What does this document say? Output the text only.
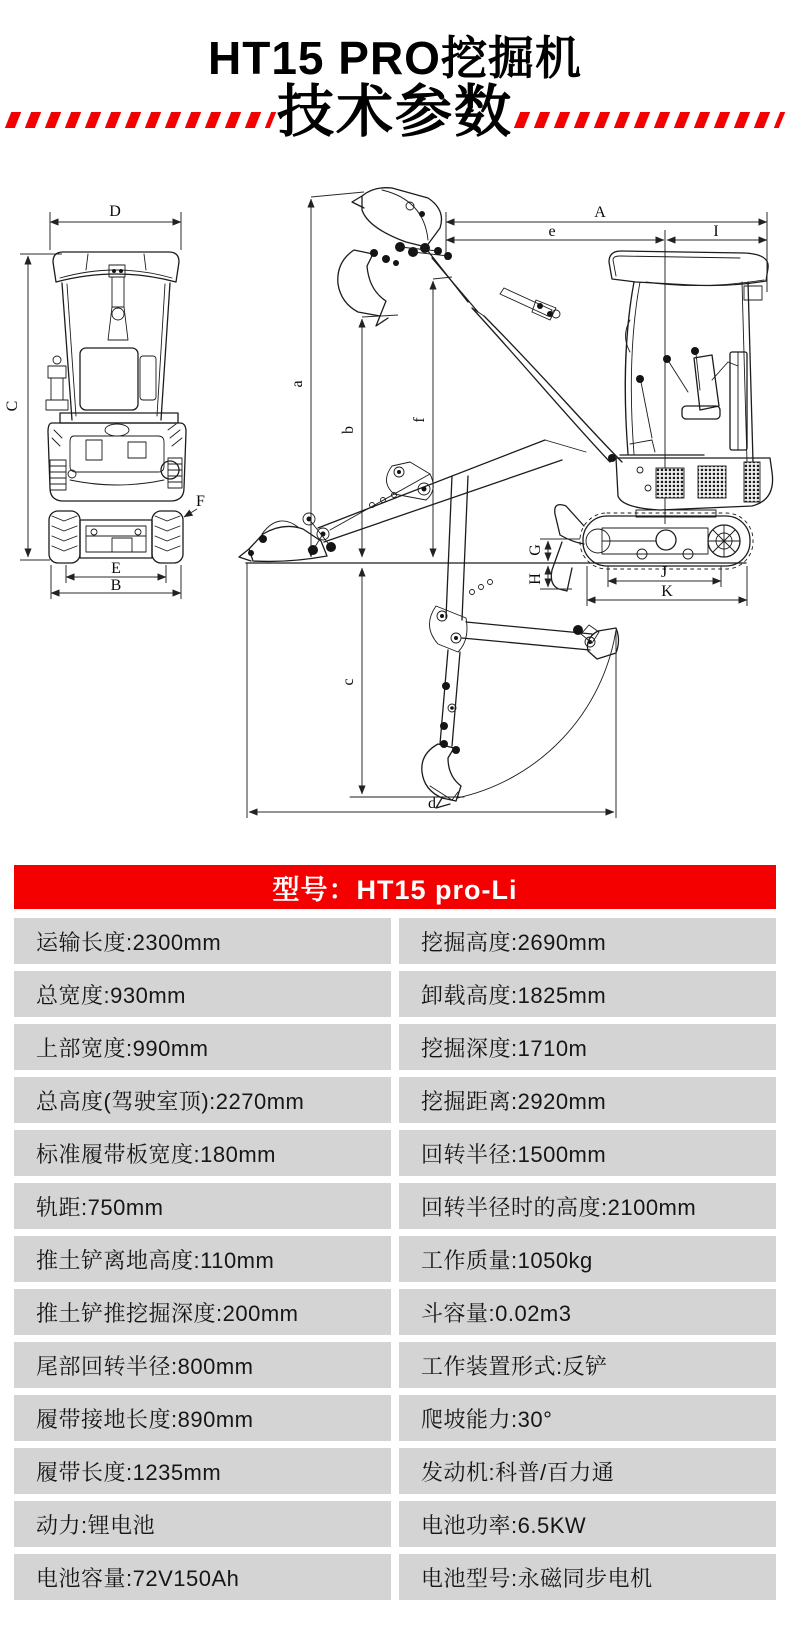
HT15 PRO挖掘机
技术参数
D
C
F
E
B
A
e	I
a
b
f
G
H	J
K
c
d
型号：HT15 pro-Li
运输长度:2300mm	挖掘高度:2690mm
总宽度:930mm	卸载高度:1825mm
上部宽度:990mm	挖掘深度:1710m
总高度(驾驶室顶):2270mm	挖掘距离:2920mm
标准履带板宽度:180mm	回转半径:1500mm
轨距:750mm	回转半径时的高度:2100mm
推土铲离地高度:110mm	工作质量:1050kg
推土铲推挖掘深度:200mm	斗容量:0.02m3
尾部回转半径:800mm	工作装置形式:反铲
履带接地长度:890mm	爬坡能力:30°
履带长度:1235mm	发动机:科普/百力通
动力:锂电池	电池功率:6.5KW
电池容量:72V150Ah	电池型号:永磁同步电机
